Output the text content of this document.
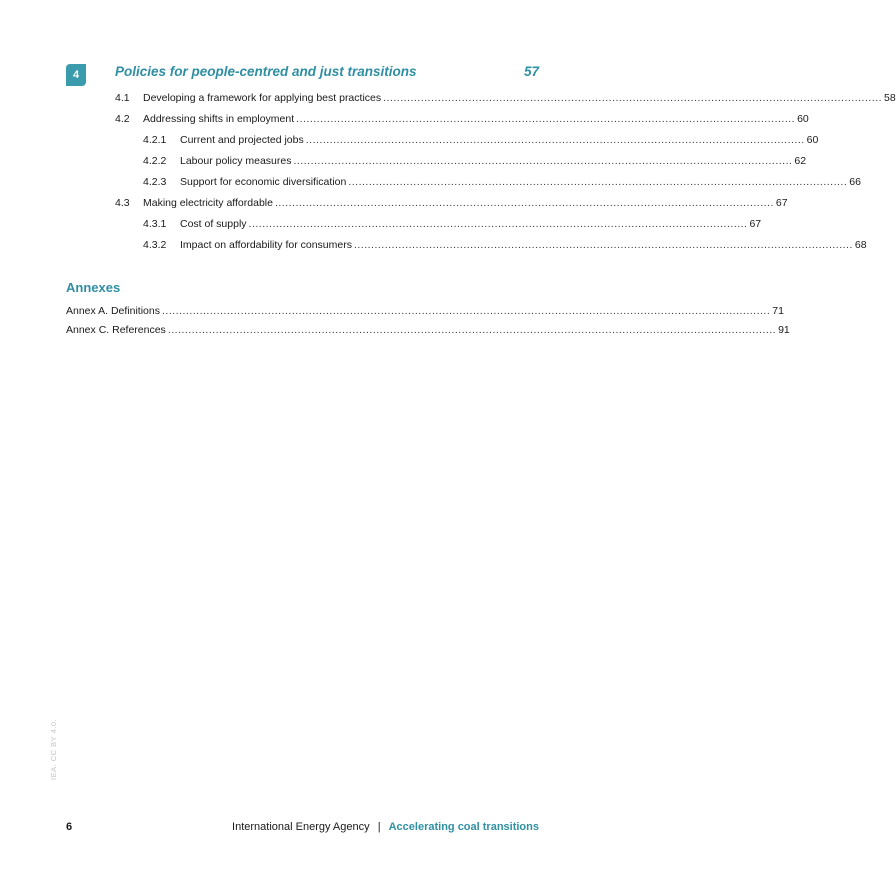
4	Policies for people-centred and just transitions	57
4.1	Developing a framework for applying best practices .................................................................................................................................................. 58
4.2	Addressing shifts in employment .................................................................................................................................................. 60
4.2.1	Current and projected jobs .................................................................................................................................................. 60
4.2.2	Labour policy measures .................................................................................................................................................. 62
4.2.3	Support for economic diversification .................................................................................................................................................. 66
4.3	Making electricity affordable .................................................................................................................................................. 67
4.3.1	Cost of supply .................................................................................................................................................. 67
4.3.2	Impact on affordability for consumers .................................................................................................................................................. 68
Annexes
Annex A. Definitions .................................................................................................................................................................................. 71
Annex C. References .................................................................................................................................................................................. 91
IEA. CC BY 4.0.
6	International Energy Agency | Accelerating coal transitions
